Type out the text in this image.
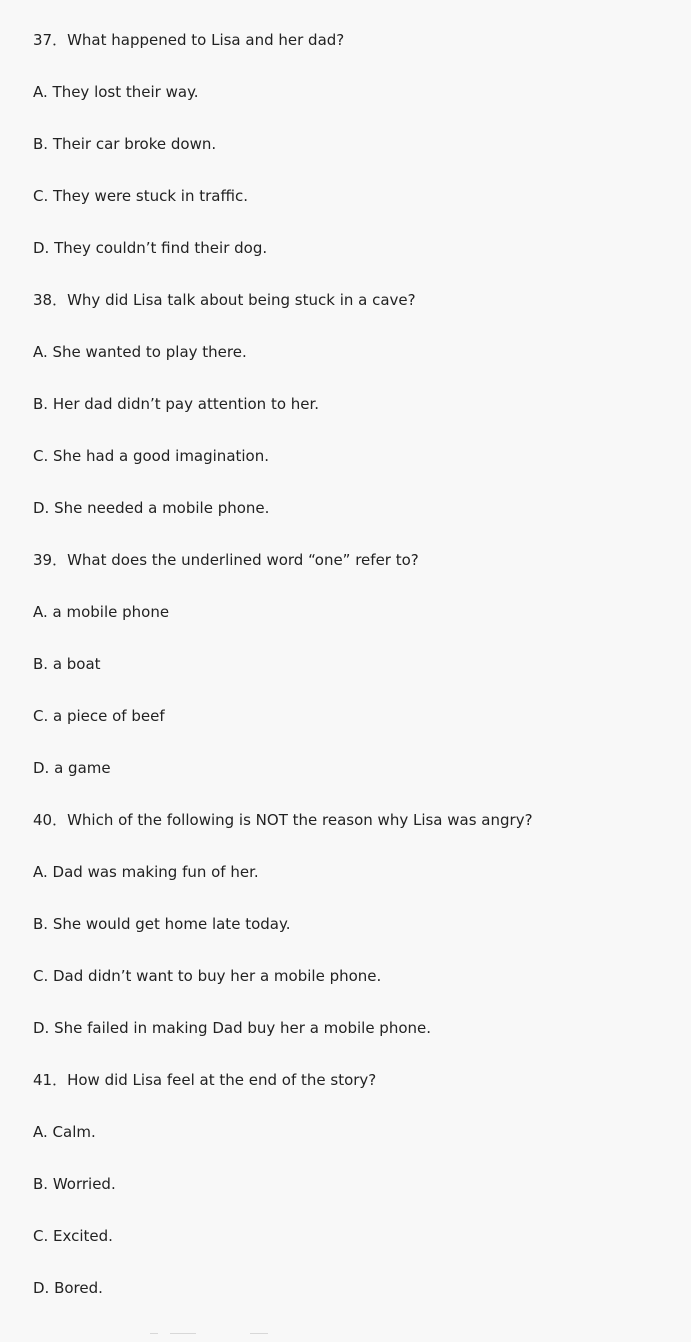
37．What happened to Lisa and her dad?

A. They lost their way.

B. Their car broke down.

C. They were stuck in traffic.

D. They couldn’t find their dog.

38．Why did Lisa talk about being stuck in a cave?

A. She wanted to play there.

B. Her dad didn’t pay attention to her.

C. She had a good imagination.

D. She needed a mobile phone.

39．What does the underlined word “one” refer to?

A. a mobile phone

B. a boat

C. a piece of beef

D. a game

40．Which of the following is NOT the reason why Lisa was angry?

A. Dad was making fun of her.

B. She would get home late today.

C. Dad didn’t want to buy her a mobile phone.

D. She failed in making Dad buy her a mobile phone.

41．How did Lisa feel at the end of the story?

A. Calm.

B. Worried.

C. Excited.

D. Bored.
